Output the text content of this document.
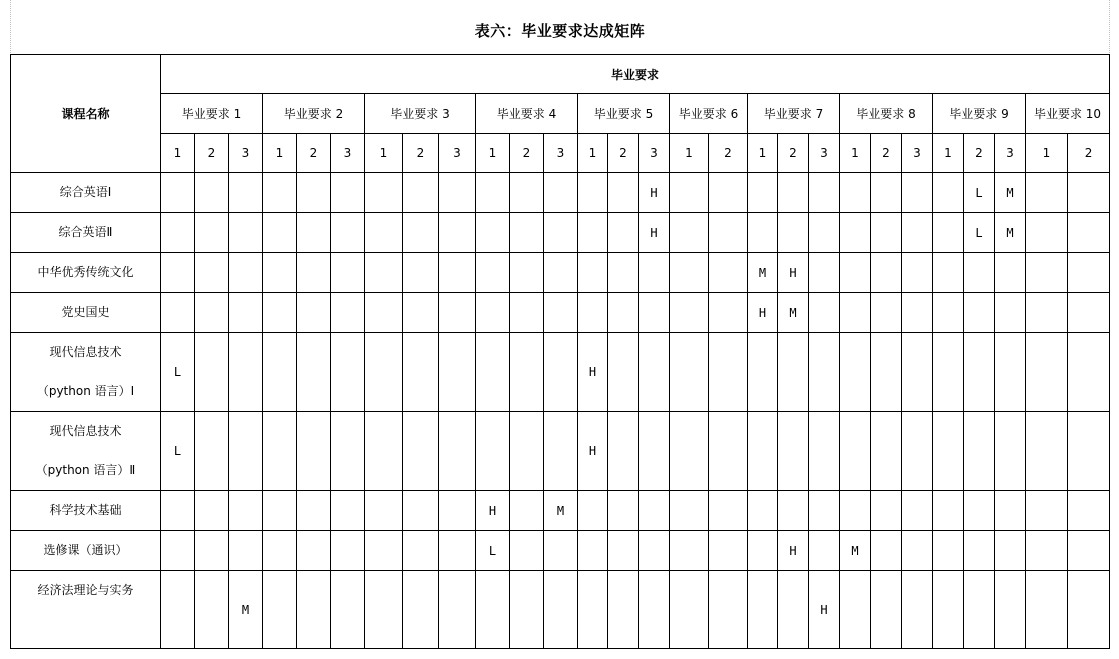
表六：毕业要求达成矩阵
课程名称	毕业要求																												
	毕业要求 1			毕业要求 2			毕业要求 3			毕业要求 4			毕业要求 5			毕业要求 6		毕业要求 7			毕业要求 8			毕业要求 9			毕业要求 10		
	1	2	3	1	2	3	1	2	3	1	2	3	1	2	3	1	2	1	2	3	1	2	3	1	2	3	1	2	

综合英语Ⅰ															H										L	M			

综合英语Ⅱ															H										L	M			

中华优秀传统文化																		M	H										

党史国史																		H	M										

现代信息技术
（python 语言）Ⅰ	L												H																

现代信息技术
（python 语言）Ⅱ	L												H																

科学技术基础										H		M																	

选修课（通识）										L									H		M								

经济法理论与实务			M																	H									
